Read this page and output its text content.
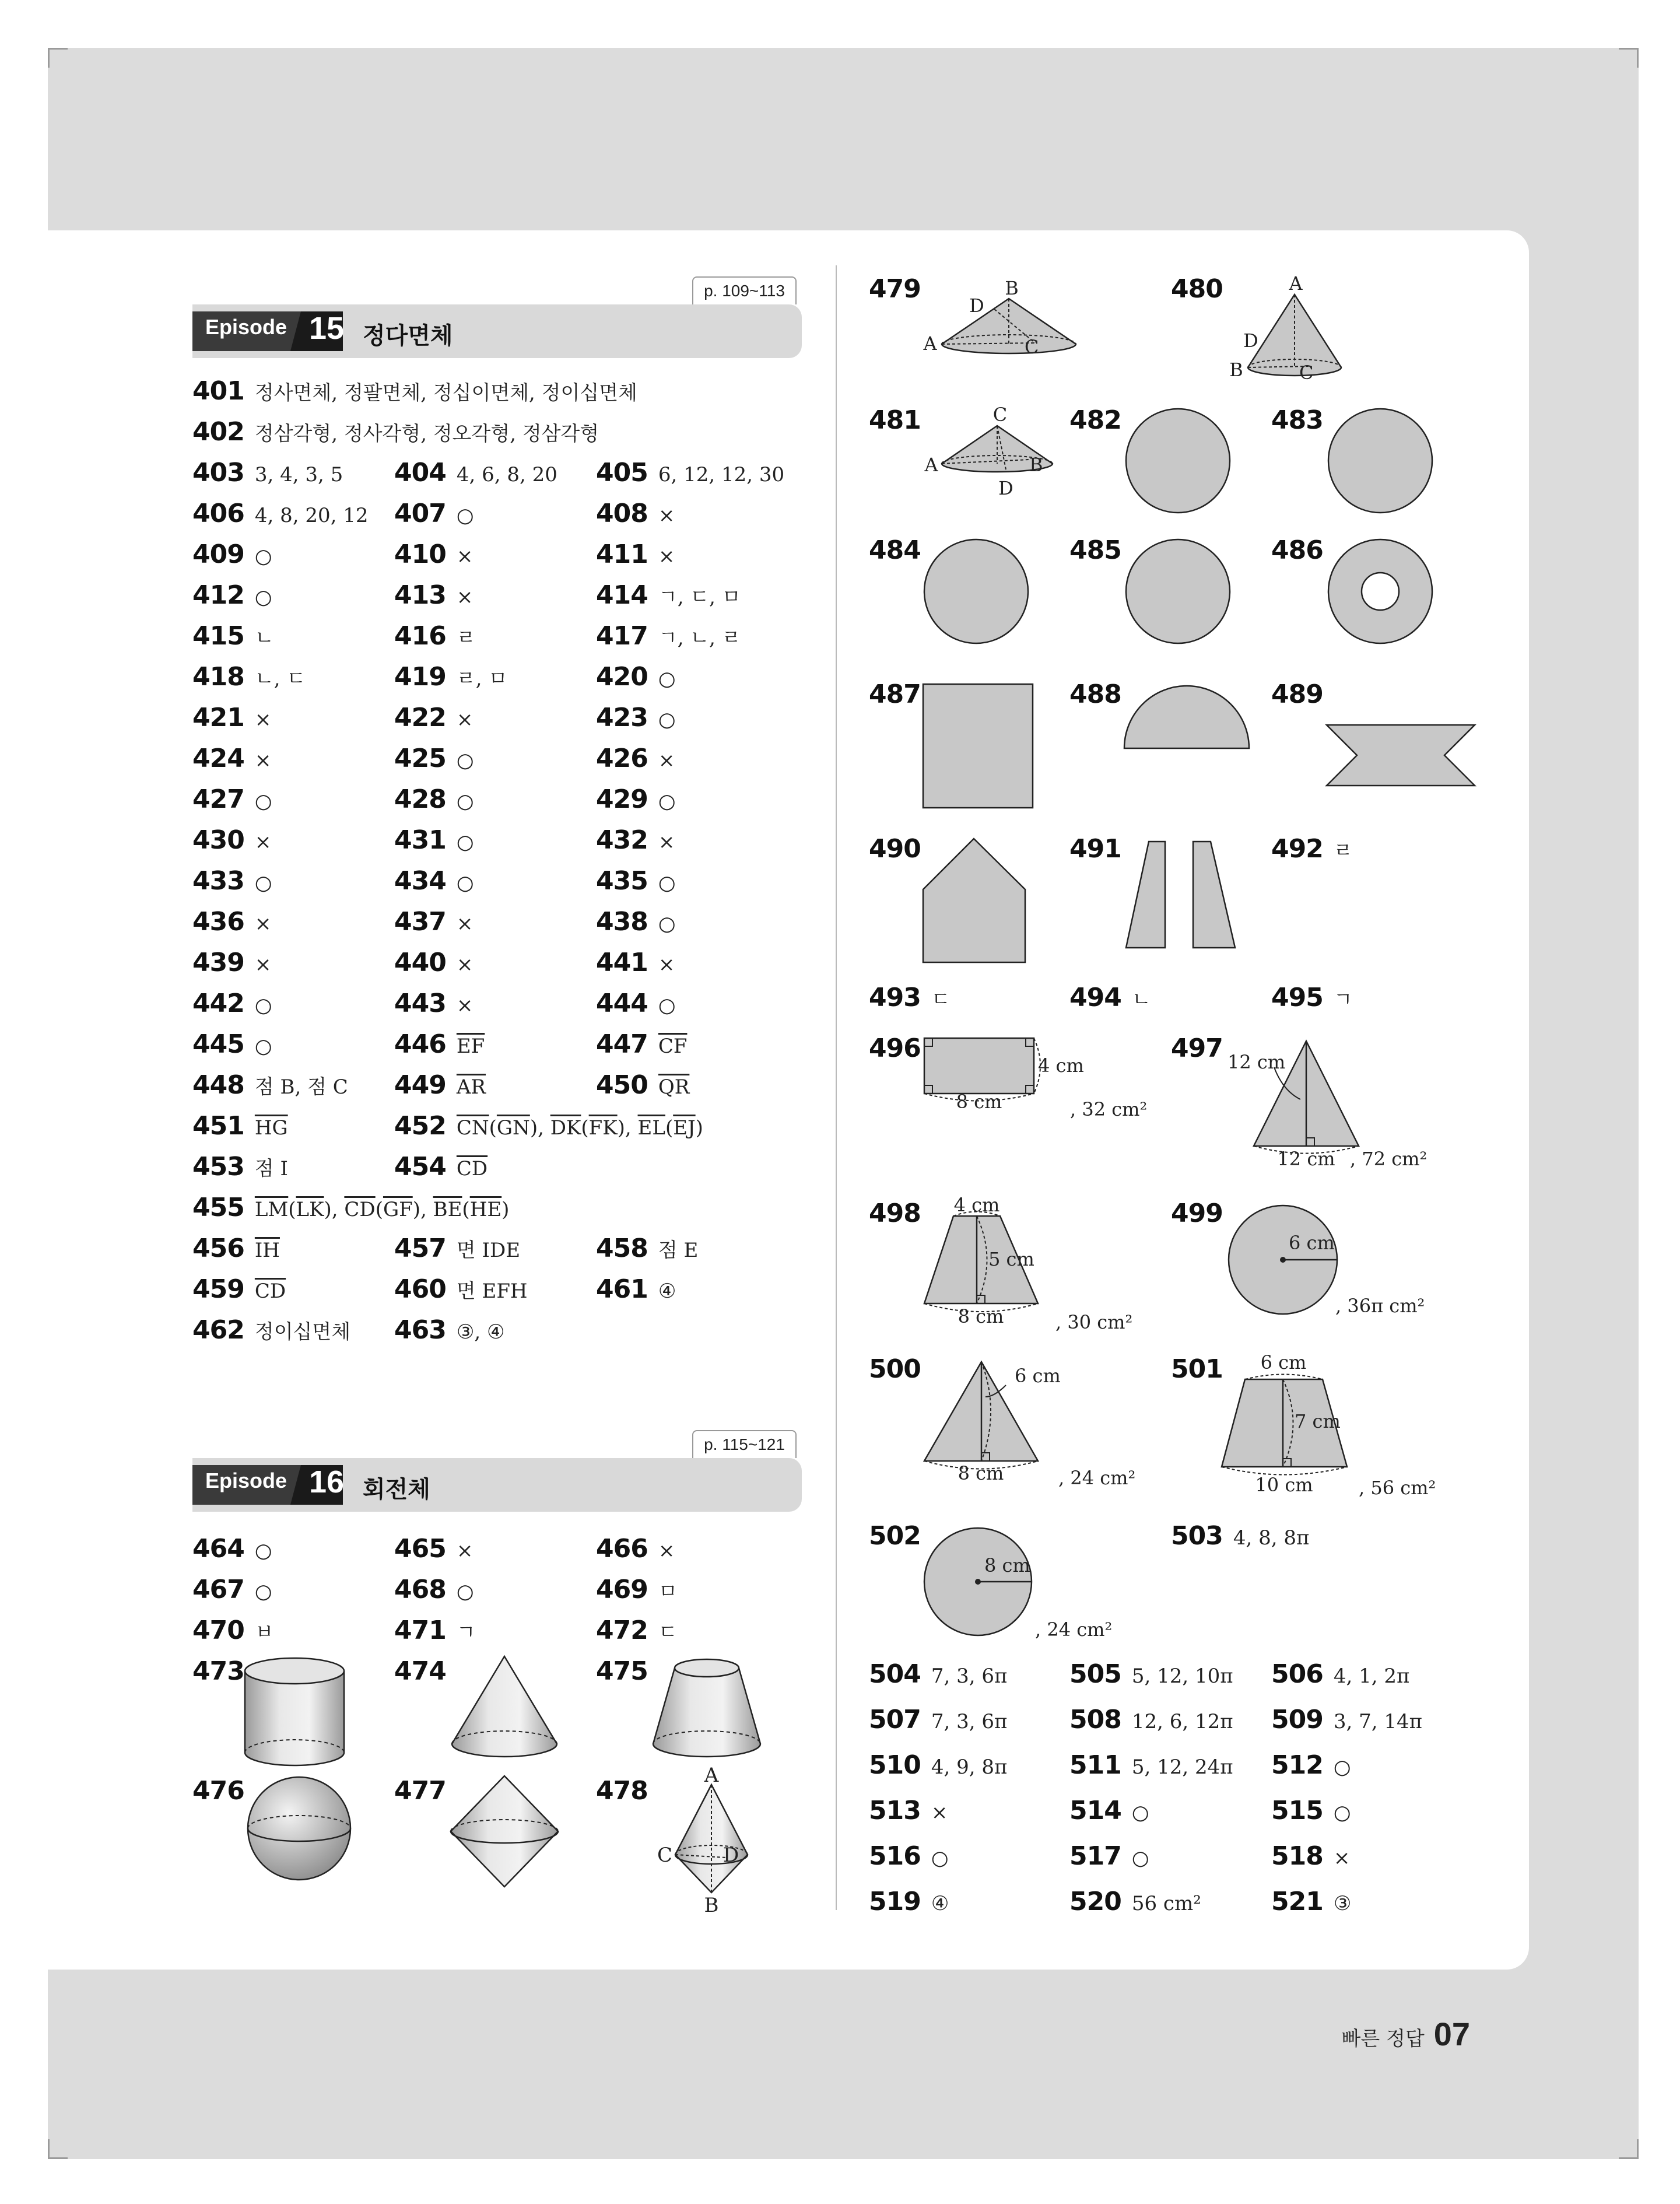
p. 109~113
Episode 15 정다면체
401 정사면체, 정팔면체, 정십이면체, 정이십면체
402 정삼각형, 정사각형, 정오각형, 정삼각형
403 3, 4, 3, 5 404 4, 6, 8, 20 405 6, 12, 12, 30
406 4, 8, 20, 12 407 ○	408 ×
409 ○	410 ×	411 ×
412 ○	413 ×	414 ㄱ, ㄷ, ㅁ
415 ㄴ	416 ㄹ	417 ㄱ, ㄴ, ㄹ
418 ㄴ, ㄷ	419 ㄹ, ㅁ	420 ○
421 ×	422 ×	423 ○
424 ×	425 ○	426 ×
427 ○	428 ○	429 ○
430 ×	431 ○	432 ×
433 ○	434 ○	435 ○
436 ×	437 ×	438 ○
439 ×	440 ×	441 ×
442 ○	443 ×	444 ○
445 ○	446 $\overline{EF}$	447 $\overline{CF}$
448 점 B, 점 C 449 $\overline{AR}$	450 $\overline{QR}$
451 $\overline{HG}$	452 $\overline{CN}(\overline{GN})$, $\overline{DK}(\overline{FK})$, $\overline{EL}(\overline{EJ})$
453 점 I	454 $\overline{CD}$
455 $\overline{LM}(\overline{LK})$, $\overline{CD}(\overline{GF})$, $\overline{BE}(\overline{HE})$
456 $\overline{IH}$	457 면 IDE	458 점 E
459 $\overline{CD}$	460 면 EFH	461 ④
462 정이십면체 463 ③, ④
p. 115~121
Episode 16 회전체
464 ○	465 ×	466 ×
467 ○	468 ○	469 ㅁ
470 ㅂ	471 ㄱ	472 ㄷ
473	474	475
476	477	478
A
C	D
B
479	480
481	482	483
484	485	486
487	488	489
490	491	492 ㄹ
493 ㄷ	494 ㄴ	495 ㄱ
496	497
498	499
500	501
502	503 4, 8, 8π
504 7, 3, 6π 505 5, 12, 10π 506 4, 1, 2π
507 7, 3, 6π 508 12, 6, 12π 509 3, 7, 14π
510 4, 9, 8π 511 5, 12, 24π 512 ○
513 ×	514 ○	515 ○
516 ○	517 ○	518 ×
519 ④	520 56 cm²	521 ③
B
D
A	C
A
D
B	C
C
A	B
D
4 cm
8 cm	, 32 cm²
12 cm
12 cm , 72 cm²
4 cm
5 cm
8 cm	, 30 cm²
6 cm
, 36π cm²
6 cm
8 cm	, 24 cm²
6 cm
7 cm
10 cm , 56 cm²
8 cm
, 24 cm²
빠른 정답 07
